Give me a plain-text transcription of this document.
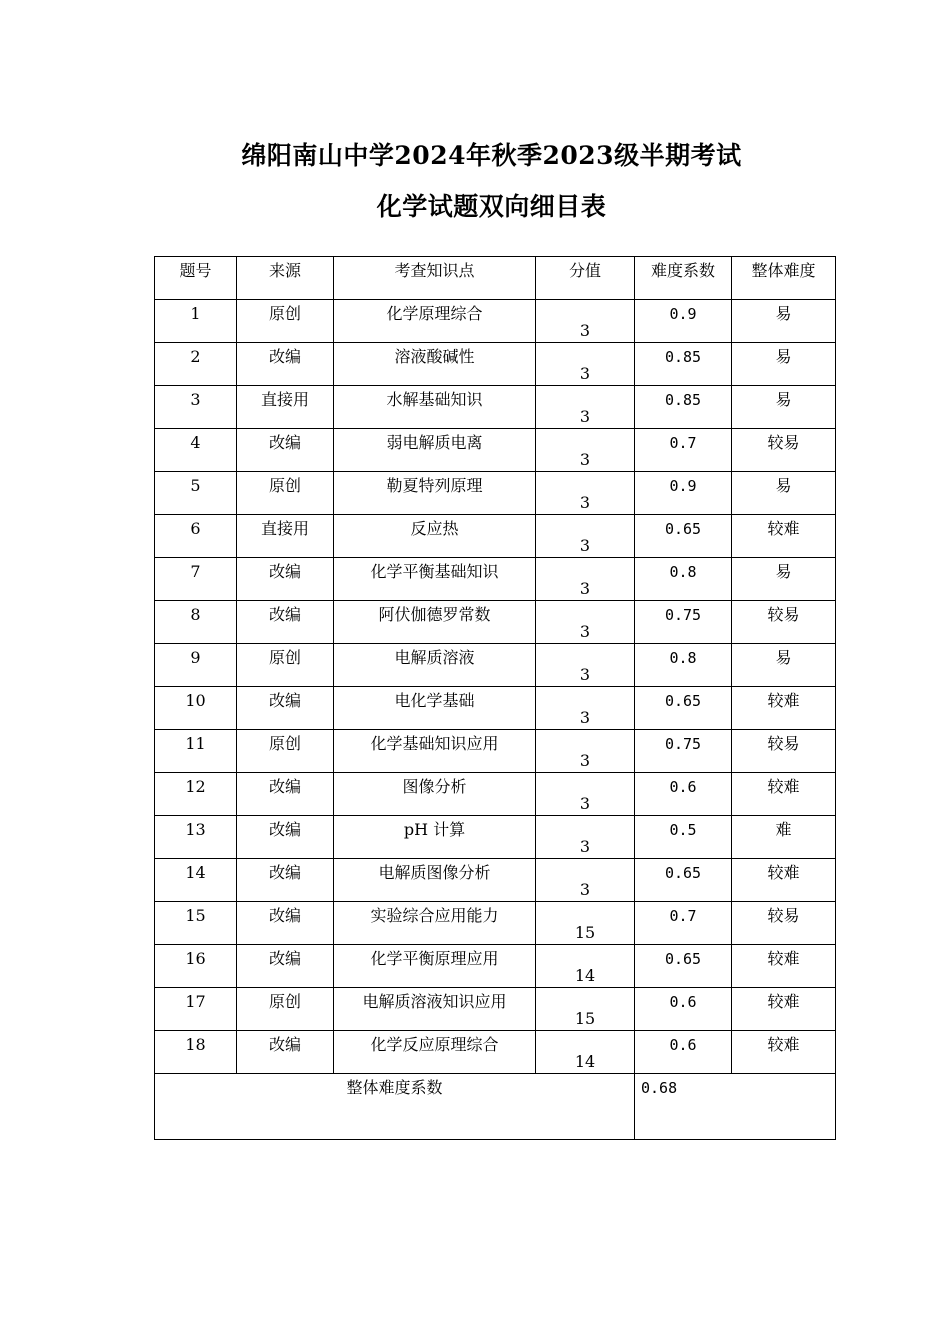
绵阳南山中学2024年秋季2023级半期考试
化学试题双向细目表
题号	来源	考查知识点	分值	难度系数	整体难度

1	原创	化学原理综合	3	0.9	易

2	改编	溶液酸碱性	3	0.85	易

3	直接用	水解基础知识	3	0.85	易

4	改编	弱电解质电离	3	0.7	较易

5	原创	勒夏特列原理	3	0.9	易

6	直接用	反应热	3	0.65	较难

7	改编	化学平衡基础知识	3	0.8	易

8	改编	阿伏伽德罗常数	3	0.75	较易

9	原创	电解质溶液	3	0.8	易

10	改编	电化学基础	3	0.65	较难

11	原创	化学基础知识应用	3	0.75	较易

12	改编	图像分析	3	0.6	较难

13	改编	pH 计算	3	0.5	难

14	改编	电解质图像分析	3	0.65	较难

15	改编	实验综合应用能力	15	0.7	较易

16	改编	化学平衡原理应用	14	0.65	较难

17	原创	电解质溶液知识应用	15	0.6	较难

18	改编	化学反应原理综合	14	0.6	较难

整体难度系数				0.68	
